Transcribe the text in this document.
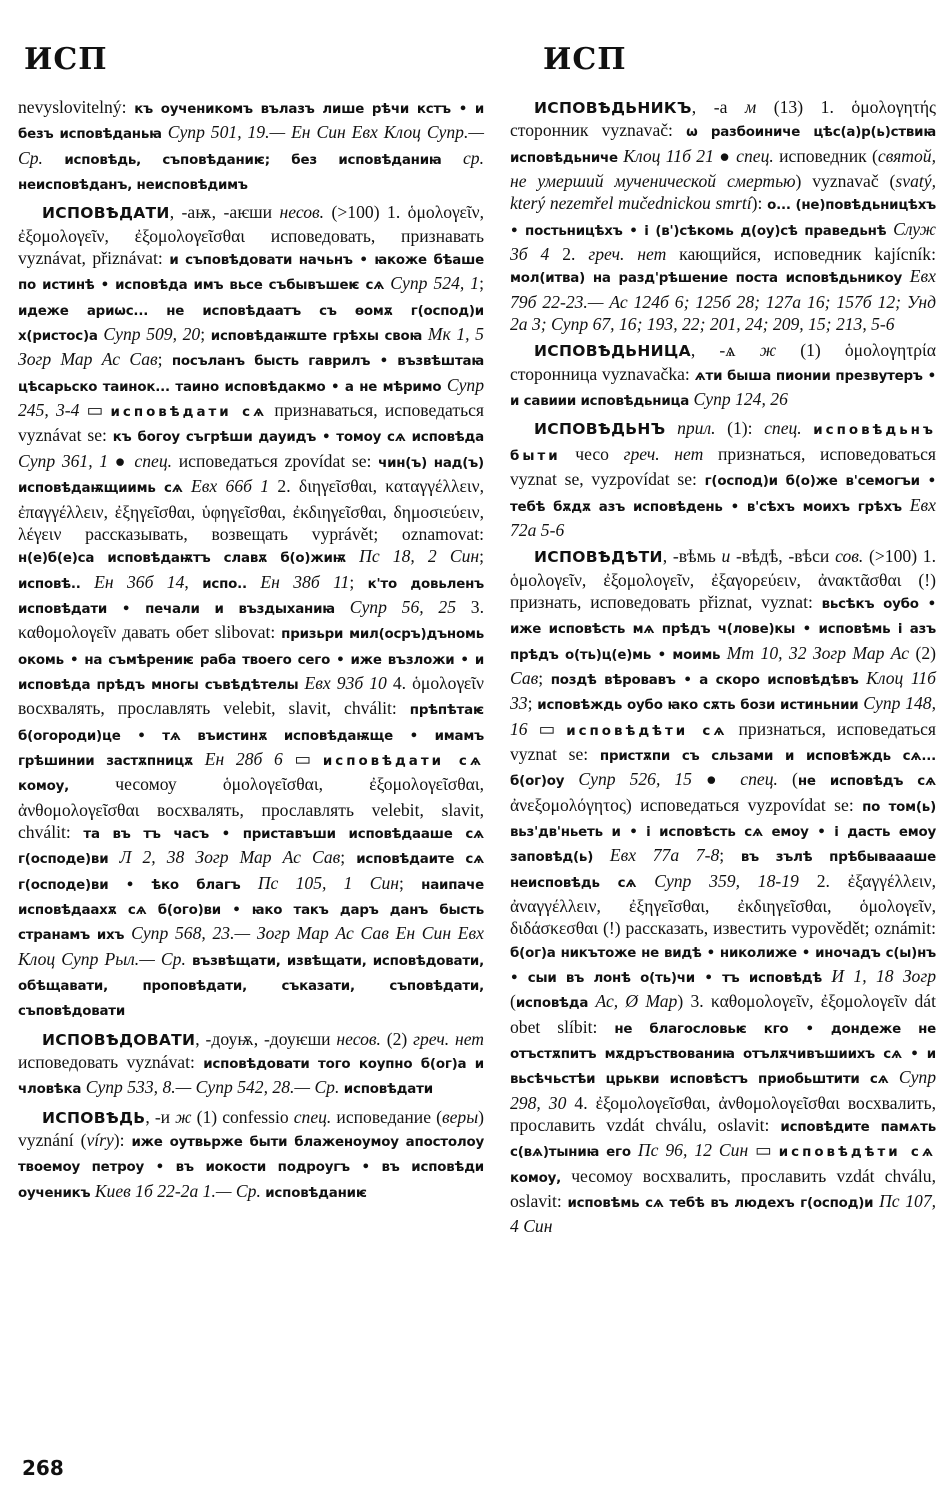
ИСП	ИСП

nevyslovitelný: къ оученикомъ вълазъ лише рѣчи кстъ • и безъ исповѣданьꙗ Супр 501, 19.— Ен Син Евх Клоц Супр.— Ср. исповѣдь, съповѣданиѥ; без исповѣданиꙗ ср. неисповѣданъ, неисповѣдимъ

ИСПОВѢДАТИ, -аѭ, -аѥши несов. (>100) 1. ὁμολογεῖν, ἐξομολογεῖν, ἐξομολογεῖσθαι исповедовать, признавать vyznávat, přiznávat: и съповѣдовати начьнъ • ꙗкоже бѣаше по истинѣ • исповѣда имъ вьсе събывъшеѥ сѧ Супр 524, 1; идеже ариѡс... не исповѣдаатъ съ ѳомѫ г(оспод)и х(ристос)а Супр 509, 20; исповѣдаѭште грѣхы своꙗ Мк 1, 5 Зогр Мар Ас Сав; посъланъ бысть гаврилъ • възвѣштаꙗ цѣсарьско таинок... таино исповѣдакмо • а не мѣримо Супр 245, 3-4 ▭ исповѣдати сѧ признаваться, исповедаться vyznávat se: къ богоу съгрѣши дауидъ • томоу сѧ исповѣда Супр 361, 1 ● спец. исповедаться zpovídat se: чин(ъ) над(ъ) исповѣдаѭщиимь сѧ Евх 66б 1 2. διηγεῖσθαι, καταγγέλλειν, ἐπαγγέλλειν, ἐξηγεῖσθαι, ὑφηγεῖσθαι, ἐκδιηγεῖσθαι, δημοσιεύειν, λέγειν рассказывать, возвещать vyprávět; oznamovat: н(е)б(е)са исповѣдаѭтъ славѫ б(о)жиѭ Пс 18, 2 Син; исповѣ.. Ен 36б 14, испо.. Ен 38б 11; к'то довьленъ исповѣдати • печали и въздыханиꙗ Супр 56, 25 3. καθομολογεῖν давать обет slibovat: призьри мил(осръ)дъномь окомь • на съмѣрениѥ раба твоего сего • иже възложи • и исповѣда прѣдъ многы съвѣдѣтелы Евх 93б 10 4. ὁμολογεῖν восхвалять, прославлять velebit, slavit, chválit: прѣпѣтаѥ б(огороди)це • тѧ въистинѫ исповѣдаѭще • имамъ грѣшинии застѫпницѫ Ен 28б 6 ▭ исповѣдати сѧ комоу, чесомоу ὁμολογεῖσθαι, ἐξομολογεῖσθαι, ἀνθομολογεῖσθαι восхвалять, прославлять velebit, slavit, chválit: та въ тъ часъ • приставъши исповѣдааше сѧ г(осподе)ви Л 2, 38 Зогр Мар Ас Сав; исповѣдаите сѧ г(осподе)ви • ѣко благъ Пс 105, 1 Син; наипаче исповѣдаахѫ сѧ б(ого)ви • ꙗко такъ даръ данъ бысть странамъ ихъ Супр 568, 23.— Зогр Мар Ас Сав Ен Син Евх Клоц Супр Рыл.— Ср. възвѣщати, извѣщати, исповѣдовати, обѣщавати, проповѣдати, съказати, съповѣдати, съповѣдовати

ИСПОВѢДОВАТИ, -доуѭ, -доуѥши несов. (2) греч. нет исповедовать vyznávat: исповѣдовати того коупно б(ог)а и чловѣка Супр 533, 8.— Супр 542, 28.— Ср. исповѣдати

ИСПОВѢДЬ, -и ж (1) confessio спец. исповедание (веры) vyznání (víry): иже оутвьрже быти блаженоумоу апостолоу твоемоу петроу • въ иокости подроугъ • въ исповѣди оученикъ Киев 1б 22-2а 1.— Ср. исповѣданиѥ

ИСПОВѢДЬНИКЪ, -а м (13) 1. ὁμολογητής сторонник vyznavač: ѡ разбоиниче цѣс(а)р(ь)ствиꙗ исповѣдьниче Клоц 11б 21 ● спец. исповедник (святой, не умерший мученической смертью) vyznavač (svatý, který nezemřel mučednickou smrtí): о... (не)повѣдьницѣхъ • постьницѣхъ • і (в')сѣкомь д(оу)сѣ праведьнѣ Служ 3б 4 2. греч. нет кающийся, исповедник kajícník: мол(итва) на разд'рѣшение поста исповѣдьникоу Евх 79б 22-23.— Ас 124б 6; 125б 28; 127а 16; 157б 12; Унд 2а 3; Супр 67, 16; 193, 22; 201, 24; 209, 15; 213, 5-6

ИСПОВѢДЬНИЦА, -ѧ ж (1) ὁμολογητρία сторонница vyznavačka: ѧти быша пионии презвутеръ • и савиии исповѣдьница Супр 124, 26

ИСПОВѢДЬНЪ прил. (1): спец. исповѣдьнъ быти чесо греч. нет признаться, исповедоваться vyznat se, vyzpovídat se: г(оспод)и б(о)же в'семогъи • тебѣ бѫдѫ азъ исповѣдень • в'сѣхъ моихъ грѣхъ Евх 72а 5-6

ИСПОВѢДѢТИ, -вѣмь и -вѣдѣ, -вѣси сов. (>100) 1. ὁμολογεῖν, ἐξομολογεῖν, ἐξαγορεύειν, ἀνακτᾶσθαι (!) признать, исповедовать přiznat, vyznat: вьсѣкъ оубо • иже исповѣсть мѧ прѣдъ ч(лове)кы • исповѣмь і азъ прѣдъ о(ть)ц(е)мь • моимь Мт 10, 32 Зогр Мар Ас (2) Сав; поздѣ вѣровавъ • а скоро исповѣдѣвъ Клоц 11б 33; исповѣждь оубо ꙗко сѫть бози истиньнии Супр 148, 16 ▭ исповѣдѣти сѧ признаться, исповедаться vyznat se: пристѫпи съ сльзами и исповѣждь сѧ... б(ог)оу Супр 526, 15 ● спец. (не исповѣдъ сѧ ἀνεξομολόγητος) исповедаться vyzpovídat se: по том(ь) вьз'дв'ньеть и • і исповѣсть сѧ емоу • і дасть емоу заповѣд(ь) Евх 77а 7-8; въ зълѣ прѣбываааше неисповѣдь сѧ Супр 359, 18-19 2. ἐξαγγέλλειν, ἀναγγέλλειν, ἐξηγεῖσθαι, ἐκδιηγεῖσθαι, ὁμολογεῖν, διδάσκεσθαι (!) рассказать, известить vypovědět; oznámit: б(ог)а никътоже не видѣ • николиже • иночадъ с(ы)нъ • сыи въ лонѣ о(ть)чи • тъ исповѣдѣ И 1, 18 Зогр (исповѣда Ас, Ø Мар) 3. καθομολογεῖν, ἐξομολογεῖν dát obet slíbit: не благословьѥ кго • дондеже не отъстѫпитъ мѫдръствованиꙗ отълѫчивъшиихъ сѧ • и вьсѣчьстѣи црькви исповѣстъ приобьштити сѧ Супр 298, 30 4. ἐξομολογεῖσθαι, ἀνθομολογεῖσθαι восхвалить, прославить vzdát chválu, oslavit: исповѣдите памѧть с(вѧ)тыниꙗ его Пс 96, 12 Син ▭ исповѣдѣти сѧ комоу, чесомоу восхвалить, прославить vzdát chválu, oslavit: исповѣмь сѧ тебѣ въ людехъ г(оспод)и Пс 107, 4 Син

268
